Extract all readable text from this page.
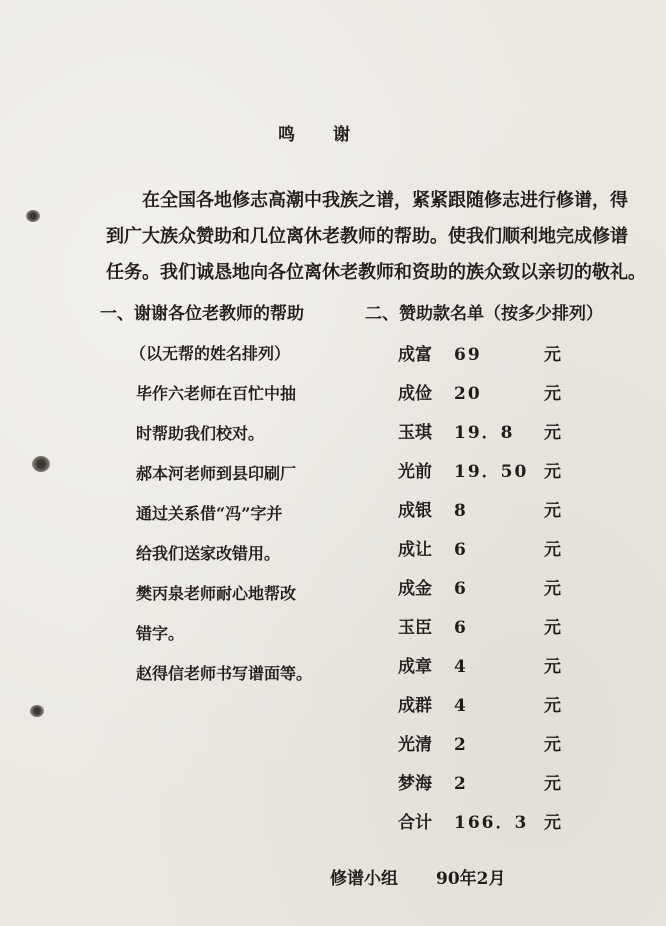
鸣谢
在全国各地修志高潮中我族之谱，紧紧跟随修志进行修谱，得
到广大族众赞助和几位离休老教师的帮助。使我们顺利地完成修谱
任务。我们诚恳地向各位离休老教师和资助的族众致以亲切的敬礼。
一、谢谢各位老教师的帮助
（以无帮的姓名排列）
毕作六老师在百忙中抽
时帮助我们校对。
郝本河老师到县印刷厂
通过关系借“冯”字并
给我们送家改错用。
樊丙泉老师耐心地帮改
错字。
赵得信老师书写谱面等。
二、赞助款名单（按多少排列）
成富	69	元
成俭	20	元
玉琪	19．8	元
光前	19．50 元
成银	8	元
成让	6	元
成金	6	元
玉臣	6	元
成章	4	元
成群	4	元
光清	2	元
梦海	2	元
合计	166．3 元
修谱小组 90年2月
